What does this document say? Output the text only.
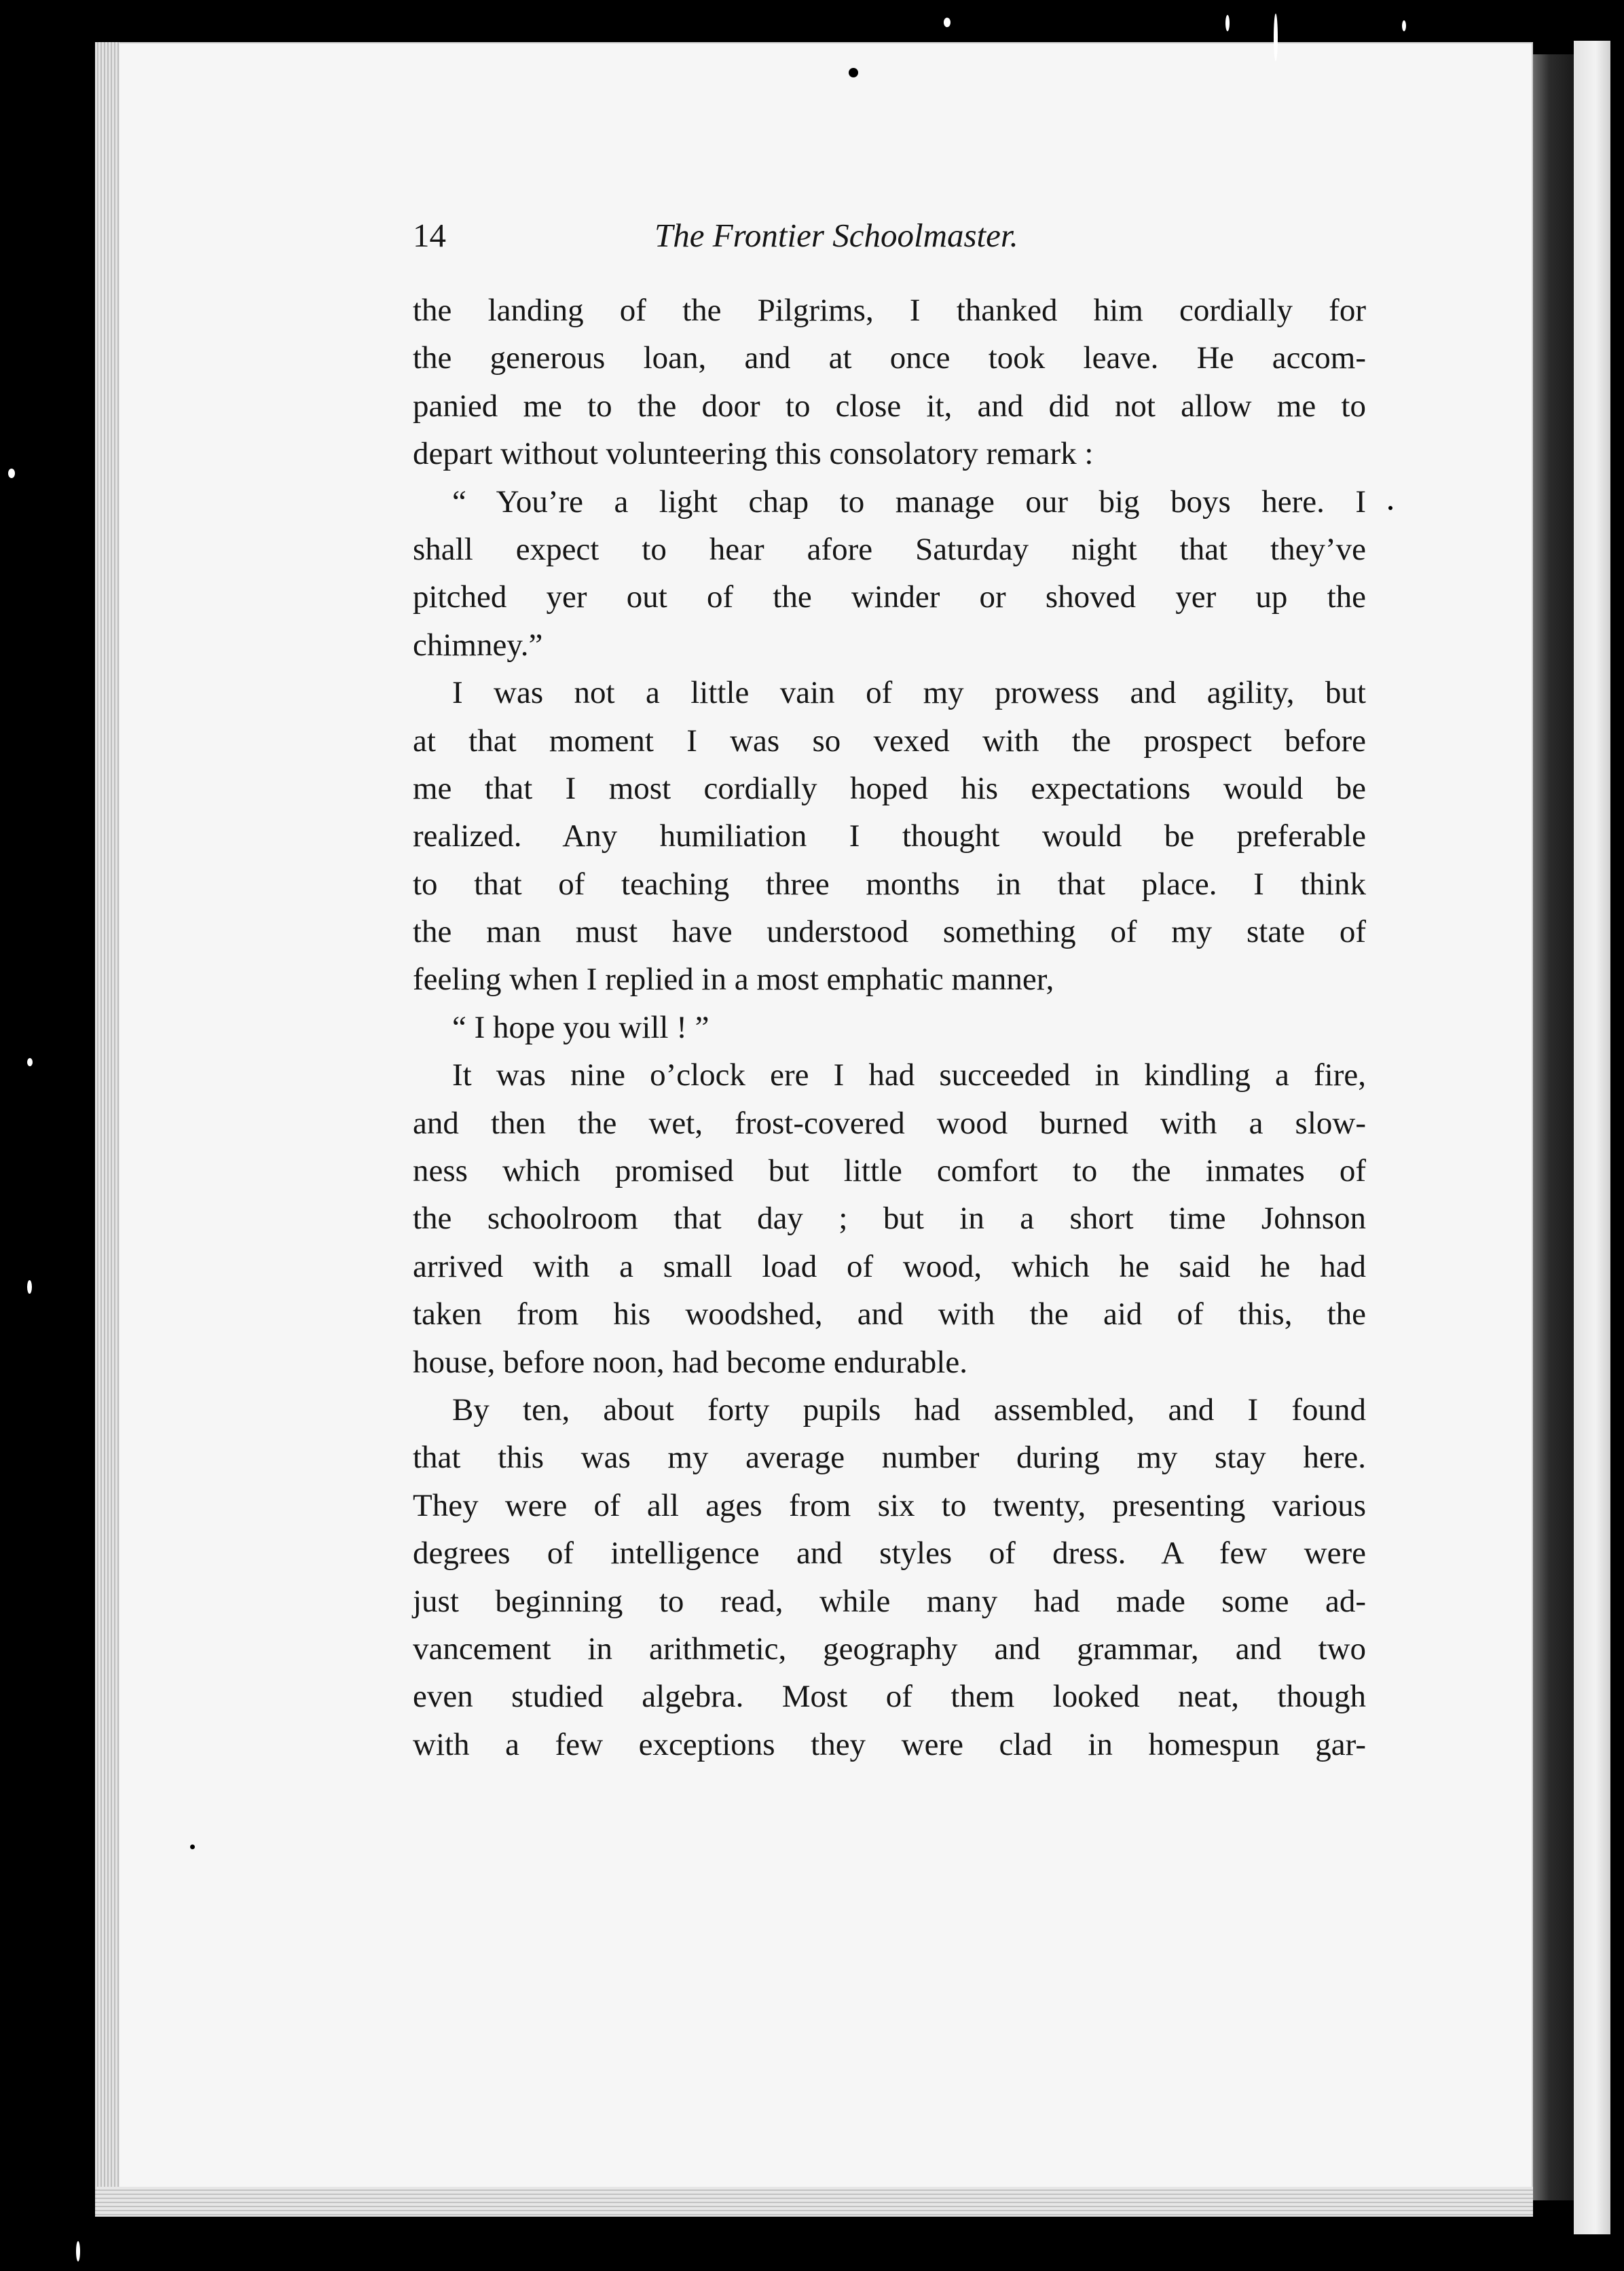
14	The Frontier Schoolmaster.
the landing of the Pilgrims, I thanked him cordially for
the generous loan, and at once took leave. He accom-
panied me to the door to close it, and did not allow me to
depart without volunteering this consolatory remark :
“ You’re a light chap to manage our big boys here. I
shall expect to hear afore Saturday night that they’ve
pitched yer out of the winder or shoved yer up the
chimney.”
I was not a little vain of my prowess and agility, but
at that moment I was so vexed with the prospect before
me that I most cordially hoped his expectations would be
realized. Any humiliation I thought would be preferable
to that of teaching three months in that place. I think
the man must have understood something of my state of
feeling when I replied in a most emphatic manner,
“ I hope you will ! ”
It was nine o’clock ere I had succeeded in kindling a fire,
and then the wet, frost-covered wood burned with a slow-
ness which promised but little comfort to the inmates of
the schoolroom that day ; but in a short time Johnson
arrived with a small load of wood, which he said he had
taken from his woodshed, and with the aid of this, the
house, before noon, had become endurable.
By ten, about forty pupils had assembled, and I found
that this was my average number during my stay here.
They were of all ages from six to twenty, presenting various
degrees of intelligence and styles of dress. A few were
just beginning to read, while many had made some ad-
vancement in arithmetic, geography and grammar, and two
even studied algebra. Most of them looked neat, though
with a few exceptions they were clad in homespun gar-
